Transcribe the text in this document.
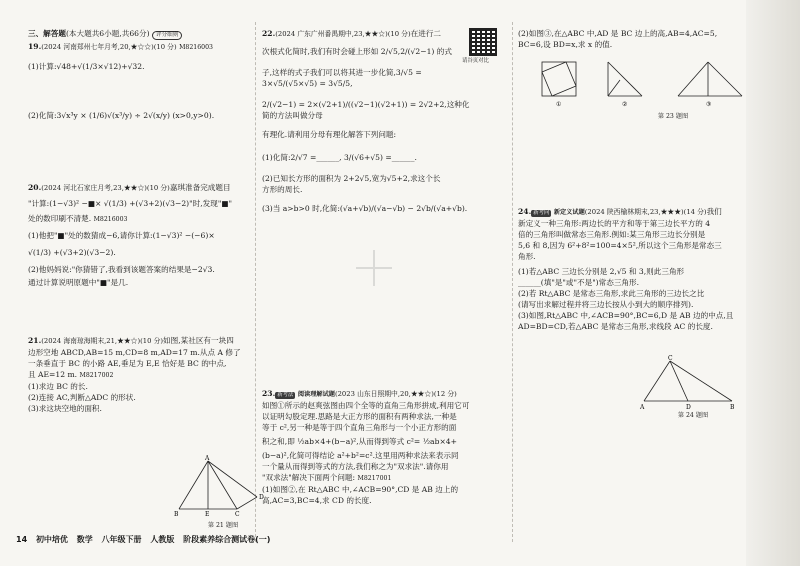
三、解答题(本大题共6小题,共66分) 评分细则

19.(2024 河南郑州七年月考,20,★☆☆)(10 分) M8216003

(1)计算:√48+√(1/3×√12)+√32.

(2)化简:3√x³y × (1/6)√(x³/y) ÷ 2√(x/y) (x>0,y>0).

20.(2024 河北石家庄月考,23,★★☆)(10 分)嘉琪准备完成题目

"计算:(1−√3)² −■× √(1/3) +(√3+2)(√3−2)"时,发现"■"

处的数印刷不清楚. M8216003

(1)他把"■"处的数猜成−6,请你计算:(1−√3)² −(−6)×

√(1/3) +(√3+2)(√3−2).

(2)他妈妈说:"你猜错了,我看到该题答案的结果是−2√3.

通过计算说明原题中"■"是几.

21.(2024 海南琼海期末,21,★★☆)(10 分)如图,某社区有一块四

边形空地 ABCD,AB=15 m,CD=8 m,AD=17 m.从点 A 修了

一条垂直于 BC 的小路 AE,垂足为 E,E 恰好是 BC 的中点,

且 AE=12 m. M8217002

(1)求边 BC 的长.

(2)连接 AC,判断△ADC 的形状.

(3)求这块空地的面积.

A
B	E	C
D
第 21 题图
请谷页对比

22.(2024 广东广州番禺期中,23,★★☆)(10 分)在进行二

次根式化简时,我们有时会碰上形如 2/√5,2/(√2−1) 的式

子,这样的式子我们可以将其进一步化简,3/√5 = 3×√5/(√5×√5) = 3√5/5,

2/(√2−1) = 2×(√2+1)/((√2−1)(√2+1)) = 2√2+2,这种化简的方法叫做分母

有理化.请利用分母有理化解答下列问题:

(1)化简:2/√7 =______, 3/(√6+√5) =______.

(2)已知长方形的面积为 2+2√5,宽为√5+2,求这个长

方形的周长.

(3)当 a>b>0 时,化简:(√a+√b)/(√a−√b) − 2√b/(√a+√b).

23. 新考法 阅读理解试题(2023 山东日照期中,20,★★☆)(12 分)

如图①所示的赵爽弦图由四个全等的直角三角形拼成,利用它可

以证明勾股定理.思路是大正方形的面积有两种求法,一种是

等于 c²,另一种是等于四个直角三角形与一个小正方形的面

积之和,即 ½ab×4+(b−a)²,从而得到等式 c²= ½ab×4+

(b−a)²,化简可得结论 a²+b²=c².这里用两种求法来表示同

一个量从而得到等式的方法,我们称之为"双求法".请你用

"双求法"解决下面两个问题: M8217001

(1)如图②,在 Rt△ABC 中,∠ACB=90°,CD 是 AB 边上的

高,AC=3,BC=4,求 CD 的长度.

(2)如图③,在△ABC 中,AD 是 BC 边上的高,AB=4,AC=5,

BC=6,设 BD=x,求 x 的值.

①	②	③
第 23 题图

24. 新考向 新定义试题(2024 陕西榆林期末,23,★★★)(14 分)我们

新定义一种三角形:两边长的平方和等于第三边长平方的 4

倍的三角形叫做常态三角形.例如:某三角形三边长分别是

5,6 和 8,因为 6²+8²=100=4×5²,所以这个三角形是常态三

角形.

(1)若△ABC 三边长分别是 2,√5 和 3,则此三角形

______(填"是"或"不是")常态三角形.

(2)若 Rt△ABC 是常态三角形,求此三角形的三边长之比

(请写出求解过程并将三边长按从小到大的顺序排列).

(3)如图,Rt△ABC 中,∠ACB=90°,BC=6,D 是 AB 边的中点,且

AD=BD=CD,若△ABC 是常态三角形,求线段 AC 的长度.

C
A	D	B
第 24 题图
14 初中培优 数学 八年级下册 人教版 阶段素养综合测试卷(一)
